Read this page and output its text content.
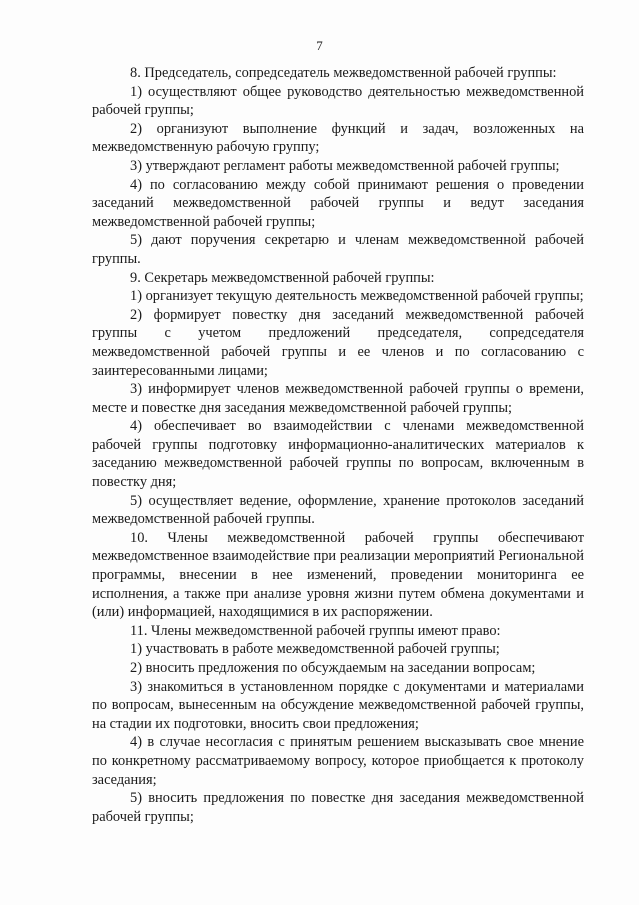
7

8. Председатель, сопредседатель межведомственной рабочей группы:

1) осуществляют общее руководство деятельностью межведомственной рабочей группы;

2) организуют выполнение функций и задач, возложенных на межведомственную рабочую группу;

3) утверждают регламент работы межведомственной рабочей группы;

4) по согласованию между собой принимают решения о проведении заседаний межведомственной рабочей группы и ведут заседания межведомственной рабочей группы;

5) дают поручения секретарю и членам межведомственной рабочей группы.

9. Секретарь межведомственной рабочей группы:

1) организует текущую деятельность межведомственной рабочей группы;

2) формирует повестку дня заседаний межведомственной рабочей группы с учетом предложений председателя, сопредседателя межведомственной рабочей группы и ее членов и по согласованию с заинтересованными лицами;

3) информирует членов межведомственной рабочей группы о времени, месте и повестке дня заседания межведомственной рабочей группы;

4) обеспечивает во взаимодействии с членами межведомственной рабочей группы подготовку информационно-аналитических материалов к заседанию межведомственной рабочей группы по вопросам, включенным в повестку дня;

5) осуществляет ведение, оформление, хранение протоколов заседаний межведомственной рабочей группы.

10. Члены межведомственной рабочей группы обеспечивают межведомственное взаимодействие при реализации мероприятий Региональной программы, внесении в нее изменений, проведении мониторинга ее исполнения, а также при анализе уровня жизни путем обмена документами и (или) информацией, находящимися в их распоряжении.

11. Члены межведомственной рабочей группы имеют право:

1) участвовать в работе межведомственной рабочей группы;

2) вносить предложения по обсуждаемым на заседании вопросам;

3) знакомиться в установленном порядке с документами и материалами по вопросам, вынесенным на обсуждение межведомственной рабочей группы, на стадии их подготовки, вносить свои предложения;

4) в случае несогласия с принятым решением высказывать свое мнение по конкретному рассматриваемому вопросу, которое приобщается к протоколу заседания;

5) вносить предложения по повестке дня заседания межведомственной рабочей группы;
